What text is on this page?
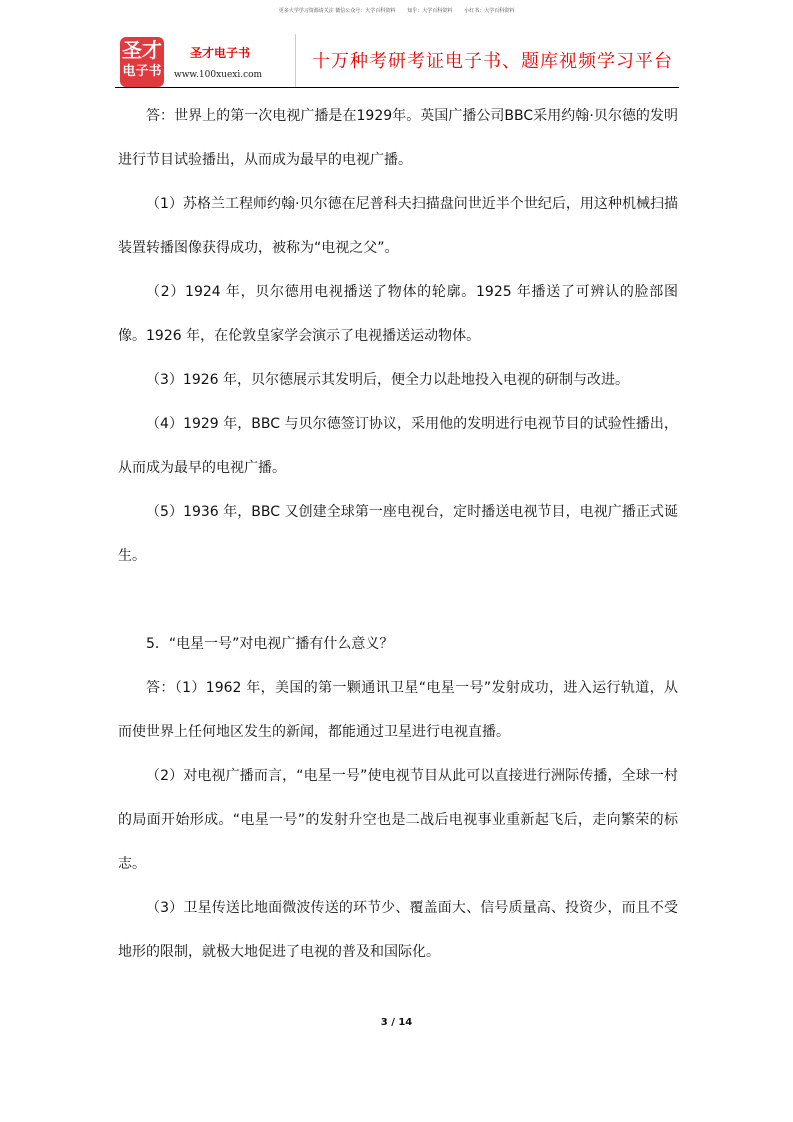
更多大学学习资源请关注 微信公众号：大学百科资料 知乎：大学百科资料 小红书：大学百科资料
圣才
电子书
圣才电子书
www.100xuexi.com
十万种考研考证电子书、题库视频学习平台

答：世界上的第一次电视广播是在1929年。英国广播公司BBC采用约翰·贝尔德的发明进行节目试验播出，从而成为最早的电视广播。

（1）苏格兰工程师约翰·贝尔德在尼普科夫扫描盘问世近半个世纪后，用这种机械扫描装置转播图像获得成功，被称为“电视之父”。

（2）1924 年，贝尔德用电视播送了物体的轮廓。1925 年播送了可辨认的脸部图像。1926 年，在伦敦皇家学会演示了电视播送运动物体。

（3）1926 年，贝尔德展示其发明后，便全力以赴地投入电视的研制与改进。

（4）1929 年，BBC 与贝尔德签订协议，采用他的发明进行电视节目的试验性播出，从而成为最早的电视广播。

（5）1936 年，BBC 又创建全球第一座电视台，定时播送电视节目，电视广播正式诞生。

5．“电星一号”对电视广播有什么意义？

答：（1）1962 年，美国的第一颗通讯卫星“电星一号”发射成功，进入运行轨道，从而使世界上任何地区发生的新闻，都能通过卫星进行电视直播。

（2）对电视广播而言，“电星一号”使电视节目从此可以直接进行洲际传播，全球一村的局面开始形成。“电星一号”的发射升空也是二战后电视事业重新起飞后，走向繁荣的标志。

（3）卫星传送比地面微波传送的环节少、覆盖面大、信号质量高、投资少，而且不受地形的限制，就极大地促进了电视的普及和国际化。

3 / 14
